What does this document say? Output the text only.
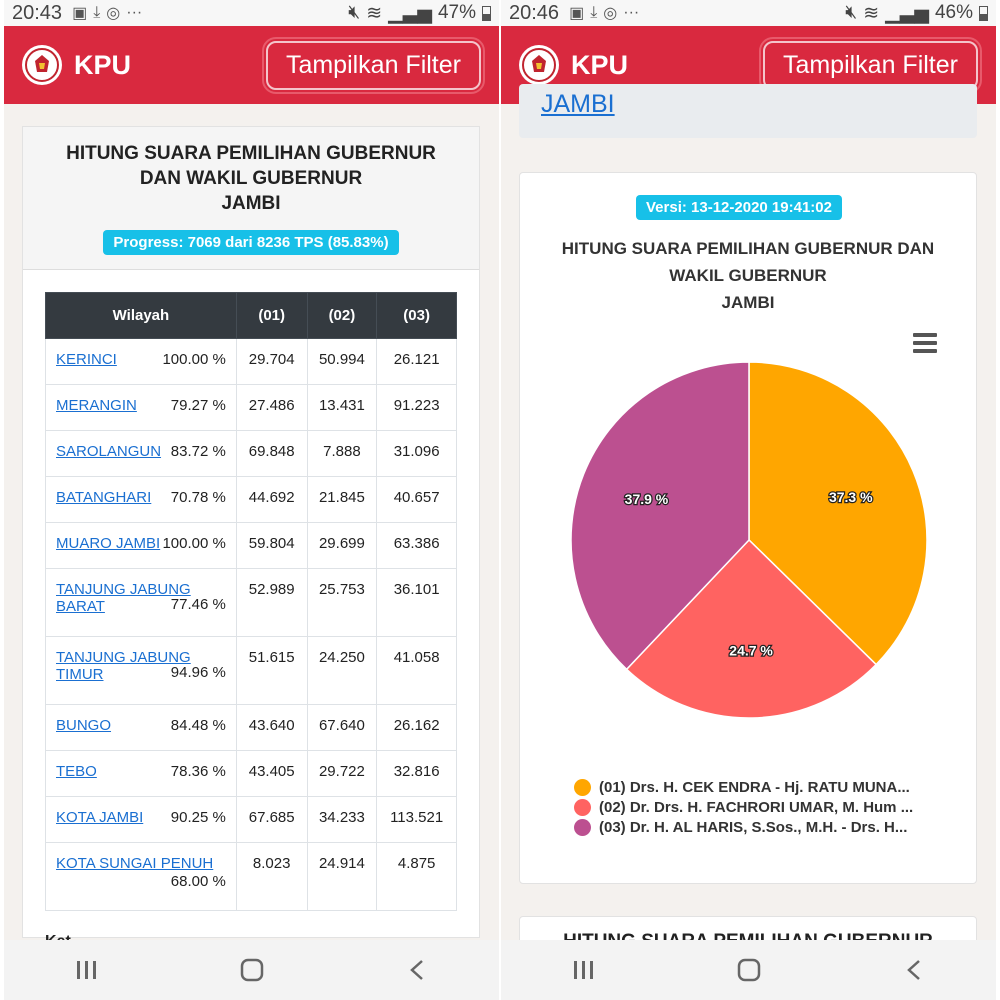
20:43 ▣ ⤓ ◎ ···	🔇︎ ≋ ▁▃▅ 47%
KPU	Tampilkan Filter
HITUNG SUARA PEMILIHAN GUBERNUR
DAN WAKIL GUBERNUR
JAMBI
Progress: 7069 dari 8236 TPS (85.83%)
Wilayah	(01)	(02)	(03)

KERINCI 100.00 %	29.704	50.994	26.121

MERANGIN 79.27 %	27.486	13.431	91.223

SAROLANGUN 83.72 %	69.848	7.888	31.096

BATANGHARI 70.78 %	44.692	21.845	40.657

MUARO JAMBI 100.00 %	59.804	29.699	63.386

TANJUNG JABUNG BARAT 77.46 %	52.989	25.753	36.101

TANJUNG JABUNG TIMUR 94.96 %	51.615	24.250	41.058

BUNGO 84.48 %	43.640	67.640	26.162

TEBO 78.36 %	43.405	29.722	32.816

KOTA JAMBI 90.25 %	67.685	34.233	113.521

KOTA SUNGAI PENUH
68.00 %	8.023	24.914	4.875
20:46 ▣ ⤓ ◎ ···	🔇︎ ≋ ▁▃▅ 46%
KPU	Tampilkan Filter
JAMBI
Versi: 13-12-2020 19:41:02
HITUNG SUARA PEMILIHAN GUBERNUR DAN
WAKIL GUBERNUR
JAMBI
37.3 %
24.7 %
37.9 %
(01) Drs. H. CEK ENDRA - Hj. RATU MUNA...
(02) Dr. Drs. H. FACHRORI UMAR, M. Hum ...
(03) Dr. H. AL HARIS, S.Sos., M.H. - Drs. H...
